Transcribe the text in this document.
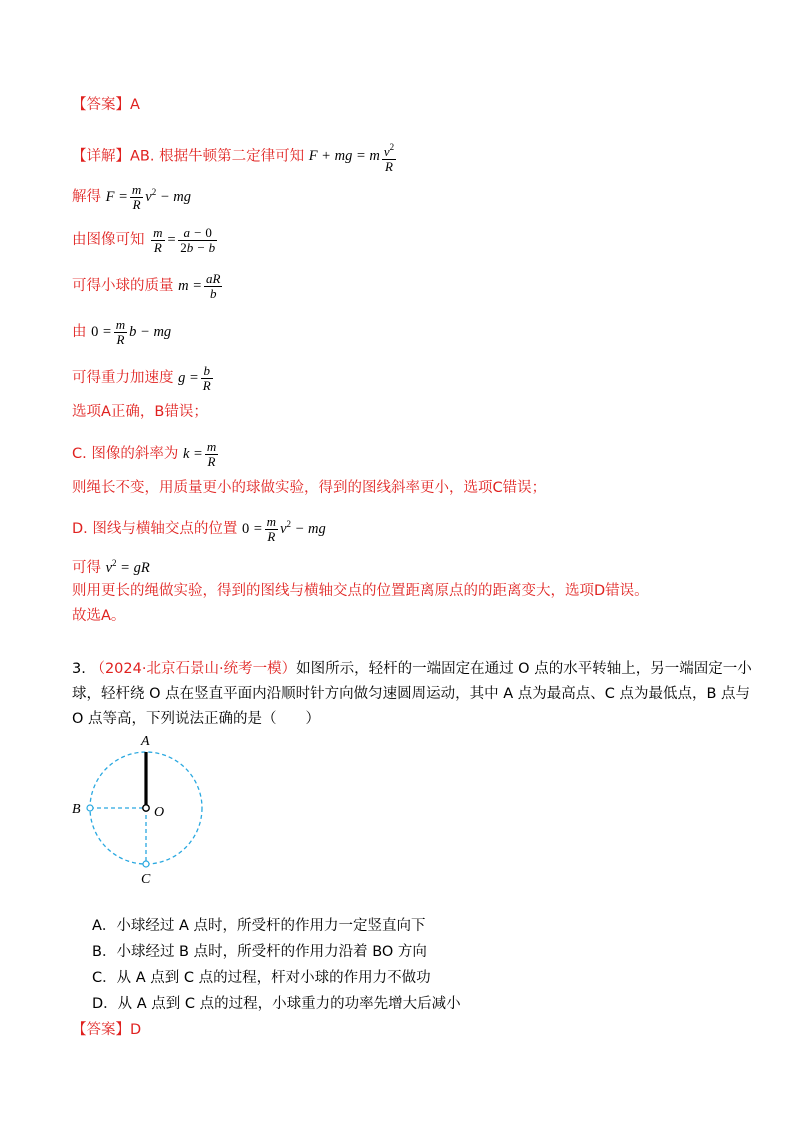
【答案】A
【详解】AB. 根据牛顿第二定律可知 F + mg = m $\frac{v^2}{R}$
解得 $F = \frac{m}{R} v^2$ − mg
由图像可知 $\frac{m}{R} = \frac{a - 0}{2b - b}$
可得小球的质量 $m = \frac{aR}{b}$
由 $0 = \frac{m}{R}$ b − mg
可得重力加速度 $g = \frac{b}{R}$
选项A正确，B错误；
C. 图像的斜率为 $k = \frac{m}{R}$
则绳长不变，用质量更小的球做实验，得到的图线斜率更小，选项C错误；
D. 图线与横轴交点的位置 $0 = \frac{m}{R} v^2$ − mg
可得 $v^2$ = gR
则用更长的绳做实验，得到的图线与横轴交点的位置距离原点的的距离变大，选项D错误。
故选A。
3. （2024·北京石景山·统考一模）如图所示，轻杆的一端固定在通过 O 点的水平转轴上，另一端固定一小
球，轻杆绕 O 点在竖直平面内沿顺时针方向做匀速圆周运动，其中 A 点为最高点、C 点为最低点，B 点与
O 点等高，下列说法正确的是（　　）
A
B	O
C
A．小球经过 A 点时，所受杆的作用力一定竖直向下
B．小球经过 B 点时，所受杆的作用力沿着 BO 方向
C．从 A 点到 C 点的过程，杆对小球的作用力不做功
D．从 A 点到 C 点的过程，小球重力的功率先增大后减小
【答案】D
